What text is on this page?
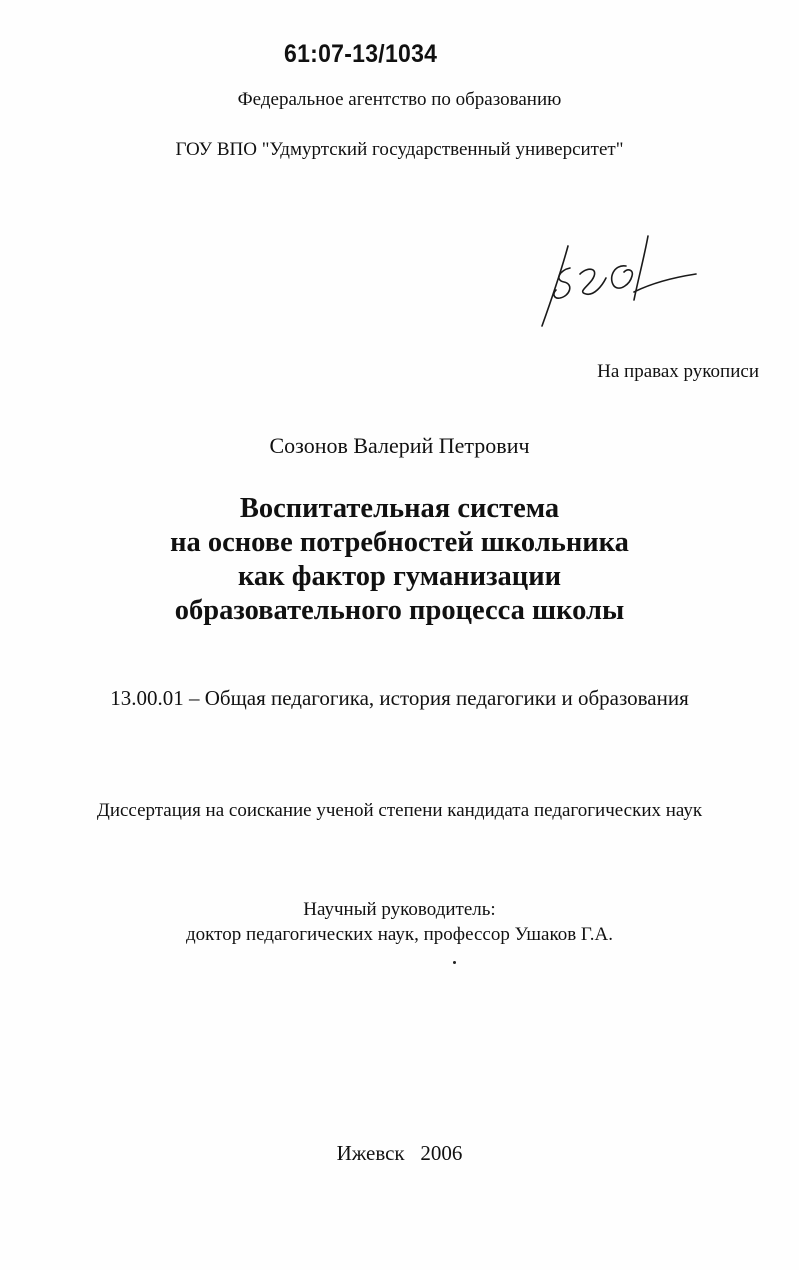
61:07-13/1034
Федеральное агентство по образованию
ГОУ ВПО "Удмуртский государственный университет"
На правах рукописи
Созонов Валерий Петрович
Воспитательная система
на основе потребностей школьника
как фактор гуманизации
образовательного процесса школы
13.00.01 – Общая педагогика, история педагогики и образования
Диссертация на соискание ученой степени кандидата педагогических наук
Научный руководитель:
доктор педагогических наук, профессор Ушаков Г.А.
Ижевск   2006
